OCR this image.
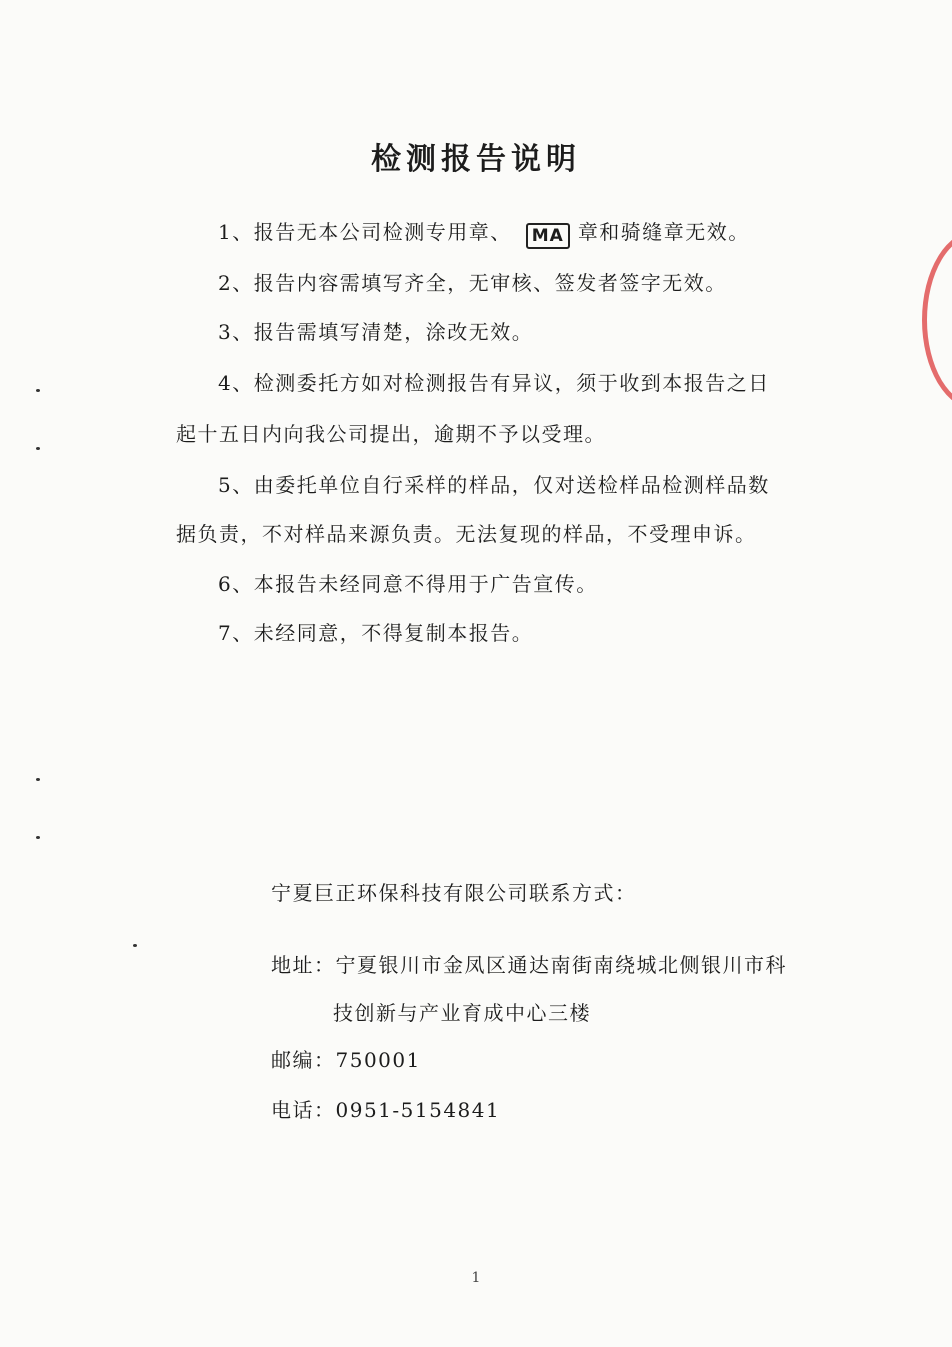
检测报告说明
1、报告无本公司检测专用章、 MA 章和骑缝章无效。
2、报告内容需填写齐全，无审核、签发者签字无效。
3、报告需填写清楚，涂改无效。
4、检测委托方如对检测报告有异议，须于收到本报告之日
起十五日内向我公司提出，逾期不予以受理。
5、由委托单位自行采样的样品，仅对送检样品检测样品数
据负责，不对样品来源负责。无法复现的样品，不受理申诉。
6、本报告未经同意不得用于广告宣传。
7、未经同意，不得复制本报告。
宁夏巨正环保科技有限公司联系方式：
地址：宁夏银川市金凤区通达南街南绕城北侧银川市科
技创新与产业育成中心三楼
邮编：750001
电话：0951-5154841
1
